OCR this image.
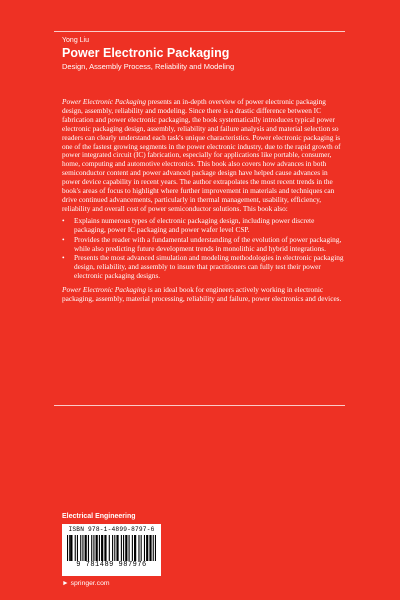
Yong Liu
Power Electronic Packaging
Design, Assembly Process, Reliability and Modeling

Power Electronic Packaging presents an in-depth overview of power electronic packaging design, assembly, reliability and modeling. Since there is a drastic difference between IC fabrication and power electronic packaging, the book systematically introduces typical power electronic packaging design, assembly, reliability and failure analysis and material selection so readers can clearly understand each task's unique characteristics. Power electronic packaging is one of the fastest growing segments in the power electronic industry, due to the rapid growth of power integrated circuit (IC) fabrication, especially for applications like portable, consumer, home, computing and automotive electronics. This book also covers how advances in both semiconductor content and power advanced package design have helped cause advances in power device capability in recent years. The author extrapolates the most recent trends in the book's areas of focus to highlight where further improvement in materials and techniques can drive continued advancements, particularly in thermal management, usability, efficiency, reliability and overall cost of power semiconductor solutions. This book also:

• Explains numerous types of electronic packaging design, including power discrete packaging, power IC packaging and power wafer level CSP.
• Provides the reader with a fundamental understanding of the evolution of power packaging, while also predicting future development trends in monolithic and hybrid integrations.
• Presents the most advanced simulation and modeling methodologies in electronic packaging design, reliability, and assembly to insure that practitioners can fully test their power electronic packaging designs.

Power Electronic Packaging is an ideal book for engineers actively working in electronic packaging, assembly, material processing, reliability and failure, power electronics and devices.

Electrical Engineering
ISBN 978-1-4899-8797-6
9 781489 987976
► springer.com
